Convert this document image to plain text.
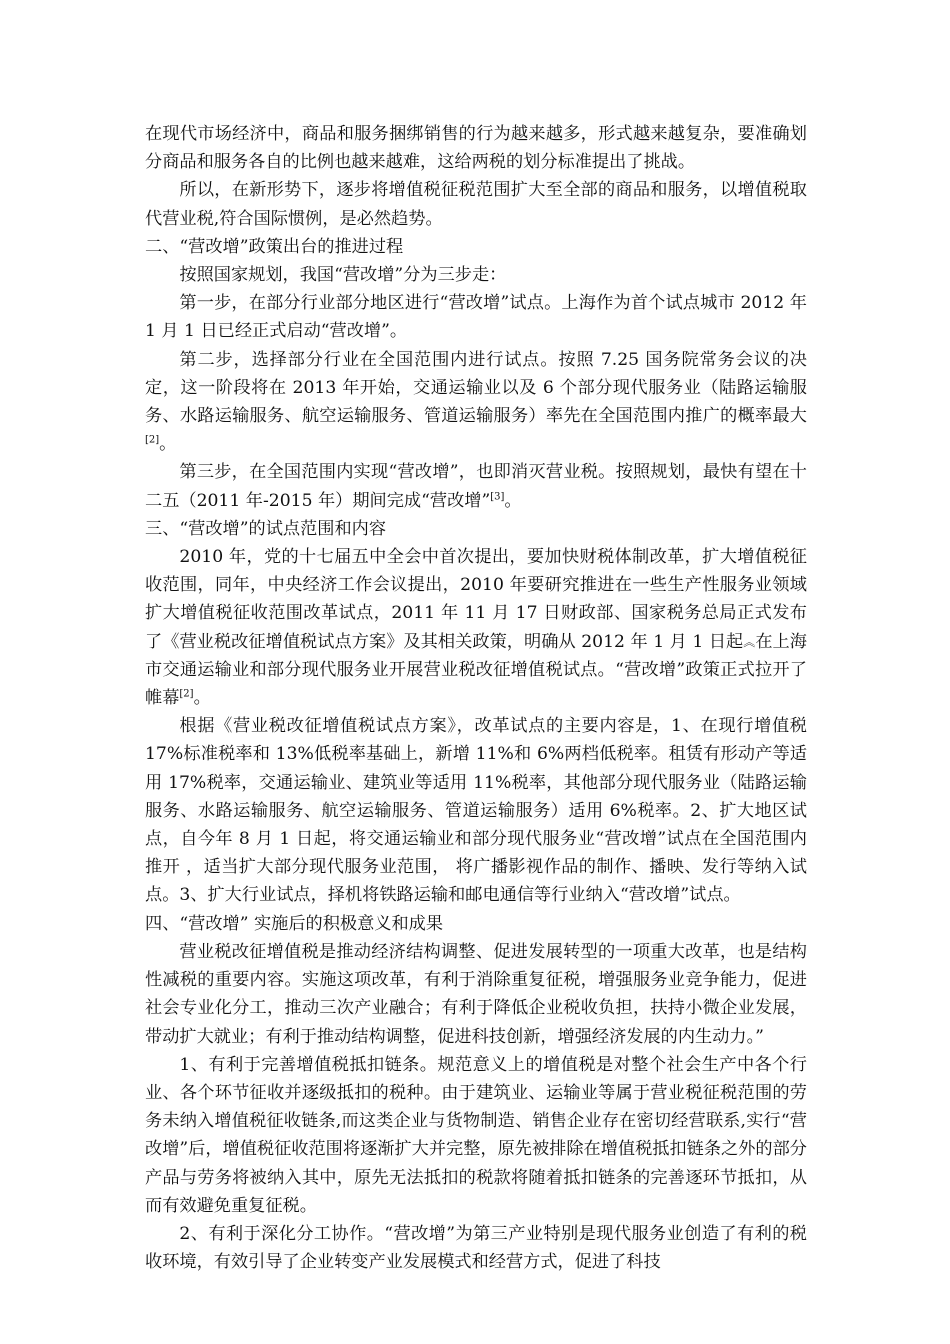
在现代市场经济中，商品和服务捆绑销售的行为越来越多，形式越来越复杂，要准确划分商品和服务各自的比例也越来越难，这给两税的划分标准提出了挑战。

所以，在新形势下，逐步将增值税征税范围扩大至全部的商品和服务，以增值税取代营业税,符合国际惯例，是必然趋势。

二、“营改增”政策出台的推进过程

按照国家规划，我国“营改增”分为三步走：

第一步，在部分行业部分地区进行“营改增”试点。上海作为首个试点城市 2012 年 1 月 1 日已经正式启动“营改增”。

第二步，选择部分行业在全国范围内进行试点。按照 7.25 国务院常务会议的决定，这一阶段将在 2013 年开始，交通运输业以及 6 个部分现代服务业（陆路运输服务、水路运输服务、航空运输服务、管道运输服务）率先在全国范围内推广的概率最大[2]。

第三步，在全国范围内实现“营改增”，也即消灭营业税。按照规划，最快有望在十二五（2011 年-2015 年）期间完成“营改增”[3]。

三、“营改增”的试点范围和内容

2010 年，党的十七届五中全会中首次提出，要加快财税体制改革，扩大增值税征收范围，同年，中央经济工作会议提出，2010 年要研究推进在一些生产性服务业领域扩大增值税征收范围改革试点，2011 年 11 月 17 日财政部、国家税务总局正式发布了《营业税改征增值税试点方案》及其相关政策，明确从 2012 年 1 月 1 日起︽在上海市交通运输业和部分现代服务业开展营业税改征增值税试点。“营改增”政策正式拉开了帷幕[2]。

根据《营业税改征增值税试点方案》，改革试点的主要内容是，1、在现行增值税 17%标准税率和 13%低税率基础上，新增 11%和 6%两档低税率。租赁有形动产等适用 17%税率，交通运输业、建筑业等适用 11%税率，其他部分现代服务业（陆路运输服务、水路运输服务、航空运输服务、管道运输服务）适用 6%税率。2、扩大地区试点，自今年 8 月 1 日起，将交通运输业和部分现代服务业“营改增”试点在全国范围内推开 ，适当扩大部分现代服务业范围， 将广播影视作品的制作、播映、发行等纳入试点。3、扩大行业试点，择机将铁路运输和邮电通信等行业纳入“营改增”试点。

四、“营改增” 实施后的积极意义和成果

营业税改征增值税是推动经济结构调整、促进发展转型的一项重大改革，也是结构性减税的重要内容。实施这项改革，有利于消除重复征税，增强服务业竞争能力，促进社会专业化分工，推动三次产业融合；有利于降低企业税收负担，扶持小微企业发展，带动扩大就业；有利于推动结构调整，促进科技创新，增强经济发展的内生动力。”

1、有利于完善增值税抵扣链条。规范意义上的增值税是对整个社会生产中各个行业、各个环节征收并逐级抵扣的税种。由于建筑业、运输业等属于营业税征税范围的劳务未纳入增值税征收链条,而这类企业与货物制造、销售企业存在密切经营联系,实行“营改增”后，增值税征收范围将逐渐扩大并完整，原先被排除在增值税抵扣链条之外的部分产品与劳务将被纳入其中，原先无法抵扣的税款将随着抵扣链条的完善逐环节抵扣，从而有效避免重复征税。

2、有利于深化分工协作。“营改增”为第三产业特别是现代服务业创造了有利的税收环境，有效引导了企业转变产业发展模式和经营方式，促进了科技
